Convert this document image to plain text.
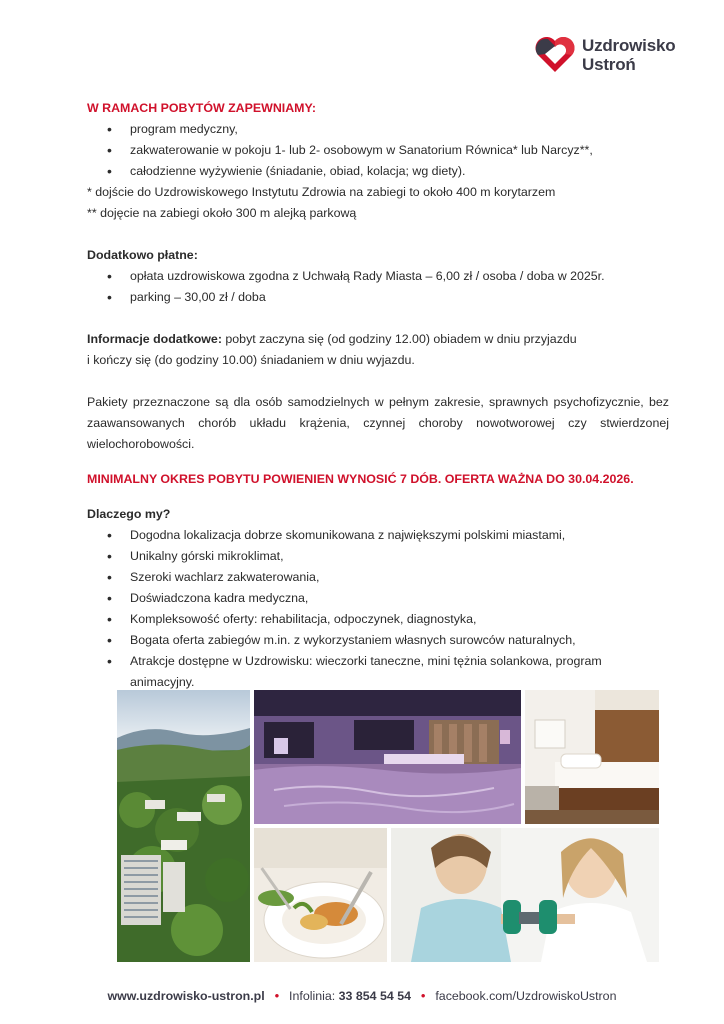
Uzdrowisko
Ustroń
W RAMACH POBYTÓW ZAPEWNIAMY:
• program medyczny,
• zakwaterowanie w pokoju 1- lub 2- osobowym w Sanatorium Równica* lub Narcyz**,
• całodzienne wyżywienie (śniadanie, obiad, kolacja; wg diety).
* dojście do Uzdrowiskowego Instytutu Zdrowia na zabiegi to około 400 m korytarzem
** dojęcie na zabiegi około 300 m alejką parkową
Dodatkowo płatne:
• opłata uzdrowiskowa zgodna z Uchwałą Rady Miasta – 6,00 zł / osoba / doba w 2025r.
• parking – 30,00 zł / doba
Informacje dodatkowe: pobyt zaczyna się (od godziny 12.00) obiadem w dniu przyjazdu
i kończy się (do godziny 10.00) śniadaniem w dniu wyjazdu.
Pakiety przeznaczone są dla osób samodzielnych w pełnym zakresie, sprawnych psychofizycznie, bez zaawansowanych chorób układu krążenia, czynnej choroby nowotworowej czy stwierdzonej wielochorobowości.
MINIMALNY OKRES POBYTU POWIENIEN WYNOSIĆ 7 DÓB. OFERTA WAŻNA DO 30.04.2026.
Dlaczego my?
• Dogodna lokalizacja dobrze skomunikowana z największymi polskimi miastami,
• Unikalny górski mikroklimat,
• Szeroki wachlarz zakwaterowania,
• Doświadczona kadra medyczna,
• Kompleksowość oferty: rehabilitacja, odpoczynek, diagnostyka,
• Bogata oferta zabiegów m.in. z wykorzystaniem własnych surowców naturalnych,
• Atrakcje dostępne w Uzdrowisku: wieczorki taneczne, mini tężnia solankowa, program animacyjny.
www.uzdrowisko-ustron.pl • Infolinia: 33 854 54 54 • facebook.com/UzdrowiskoUstron
